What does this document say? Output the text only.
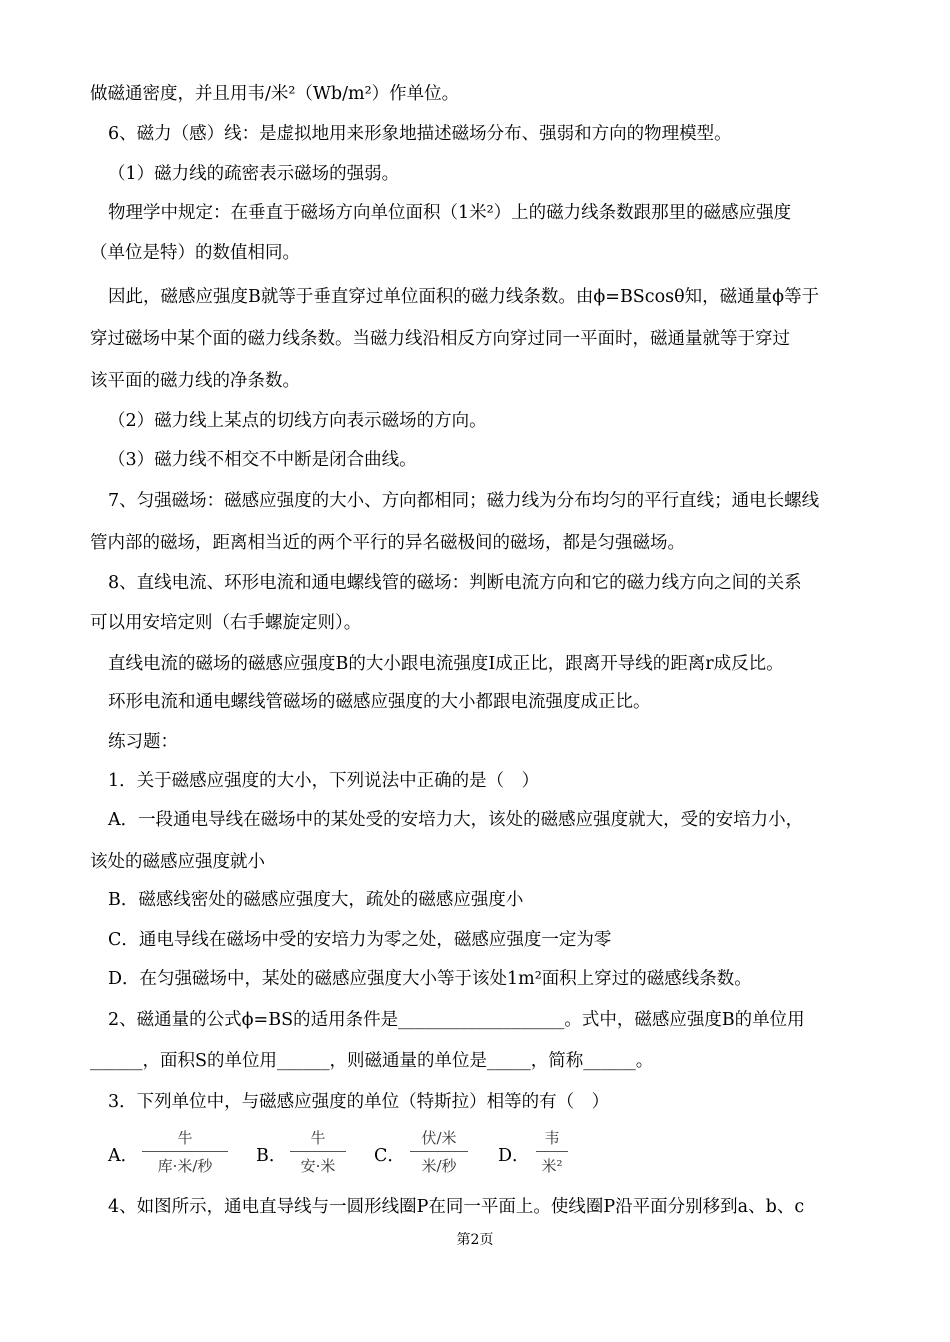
做磁通密度，并且用韦/米²（Wb/m²）作单位。
6、磁力（感）线：是虚拟地用来形象地描述磁场分布、强弱和方向的物理模型。
（1）磁力线的疏密表示磁场的强弱。
物理学中规定：在垂直于磁场方向单位面积（1米²）上的磁力线条数跟那里的磁感应强度
（单位是特）的数值相同。
因此，磁感应强度B就等于垂直穿过单位面积的磁力线条数。由ϕ=BScosθ知，磁通量ϕ等于
穿过磁场中某个面的磁力线条数。当磁力线沿相反方向穿过同一平面时，磁通量就等于穿过
该平面的磁力线的净条数。
（2）磁力线上某点的切线方向表示磁场的方向。
（3）磁力线不相交不中断是闭合曲线。
7、匀强磁场：磁感应强度的大小、方向都相同；磁力线为分布均匀的平行直线；通电长螺线
管内部的磁场，距离相当近的两个平行的异名磁极间的磁场，都是匀强磁场。
8、直线电流、环形电流和通电螺线管的磁场：判断电流方向和它的磁力线方向之间的关系
可以用安培定则（右手螺旋定则）。
直线电流的磁场的磁感应强度B的大小跟电流强度I成正比，跟离开导线的距离r成反比。
环形电流和通电螺线管磁场的磁感应强度的大小都跟电流强度成正比。
练习题：
1．关于磁感应强度的大小，下列说法中正确的是（　）
A．一段通电导线在磁场中的某处受的安培力大，该处的磁感应强度就大，受的安培力小，
该处的磁感应强度就小
B．磁感线密处的磁感应强度大，疏处的磁感应强度小
C．通电导线在磁场中受的安培力为零之处，磁感应强度一定为零
D．在匀强磁场中，某处的磁感应强度大小等于该处1m²面积上穿过的磁感线条数。
2、磁通量的公式ϕ=BS的适用条件是___________________。式中，磁感应强度B的单位用
______，面积S的单位用______，则磁通量的单位是_____，简称______。
3．下列单位中，与磁感应强度的单位（特斯拉）相等的有（　）
A．
牛
库·米/秒	B．
牛
安·米	C．
伏/米
米/秒	D．
韦
米²
4、如图所示，通电直导线与一圆形线圈P在同一平面上。使线圈P沿平面分别移到a、b、c
第2页
